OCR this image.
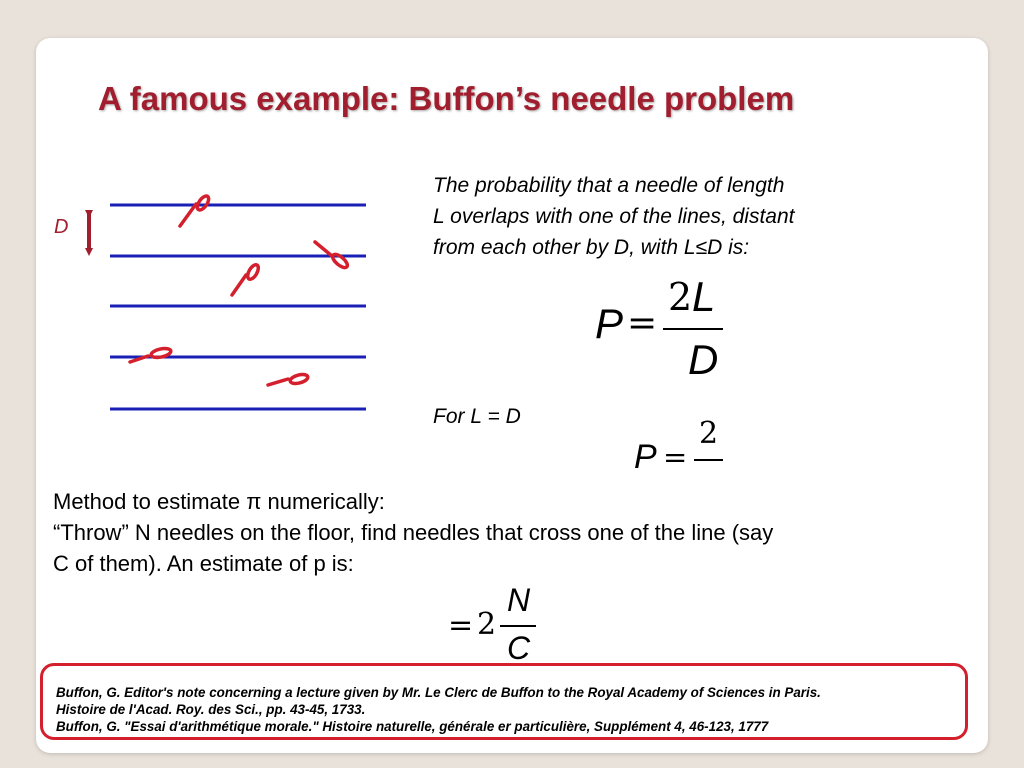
A famous example: Buffon’s needle problem
D
The probability that a needle of length
L overlaps with one of the lines, distant
from each other by D, with L≤D is:
P =
2 L
D
For L = D
P =
2
Method to estimate π numerically:
“Throw” N needles on the floor, find needles that cross one of the line (say
C of them). An estimate of p is:
= 2
N
C
Buffon, G. Editor's note concerning a lecture given by Mr. Le Clerc de Buffon to the Royal Academy of Sciences in Paris.
Histoire de l'Acad. Roy. des Sci., pp. 43-45, 1733.
Buffon, G. "Essai d'arithmétique morale." Histoire naturelle, générale er particulière, Supplément 4, 46-123, 1777
